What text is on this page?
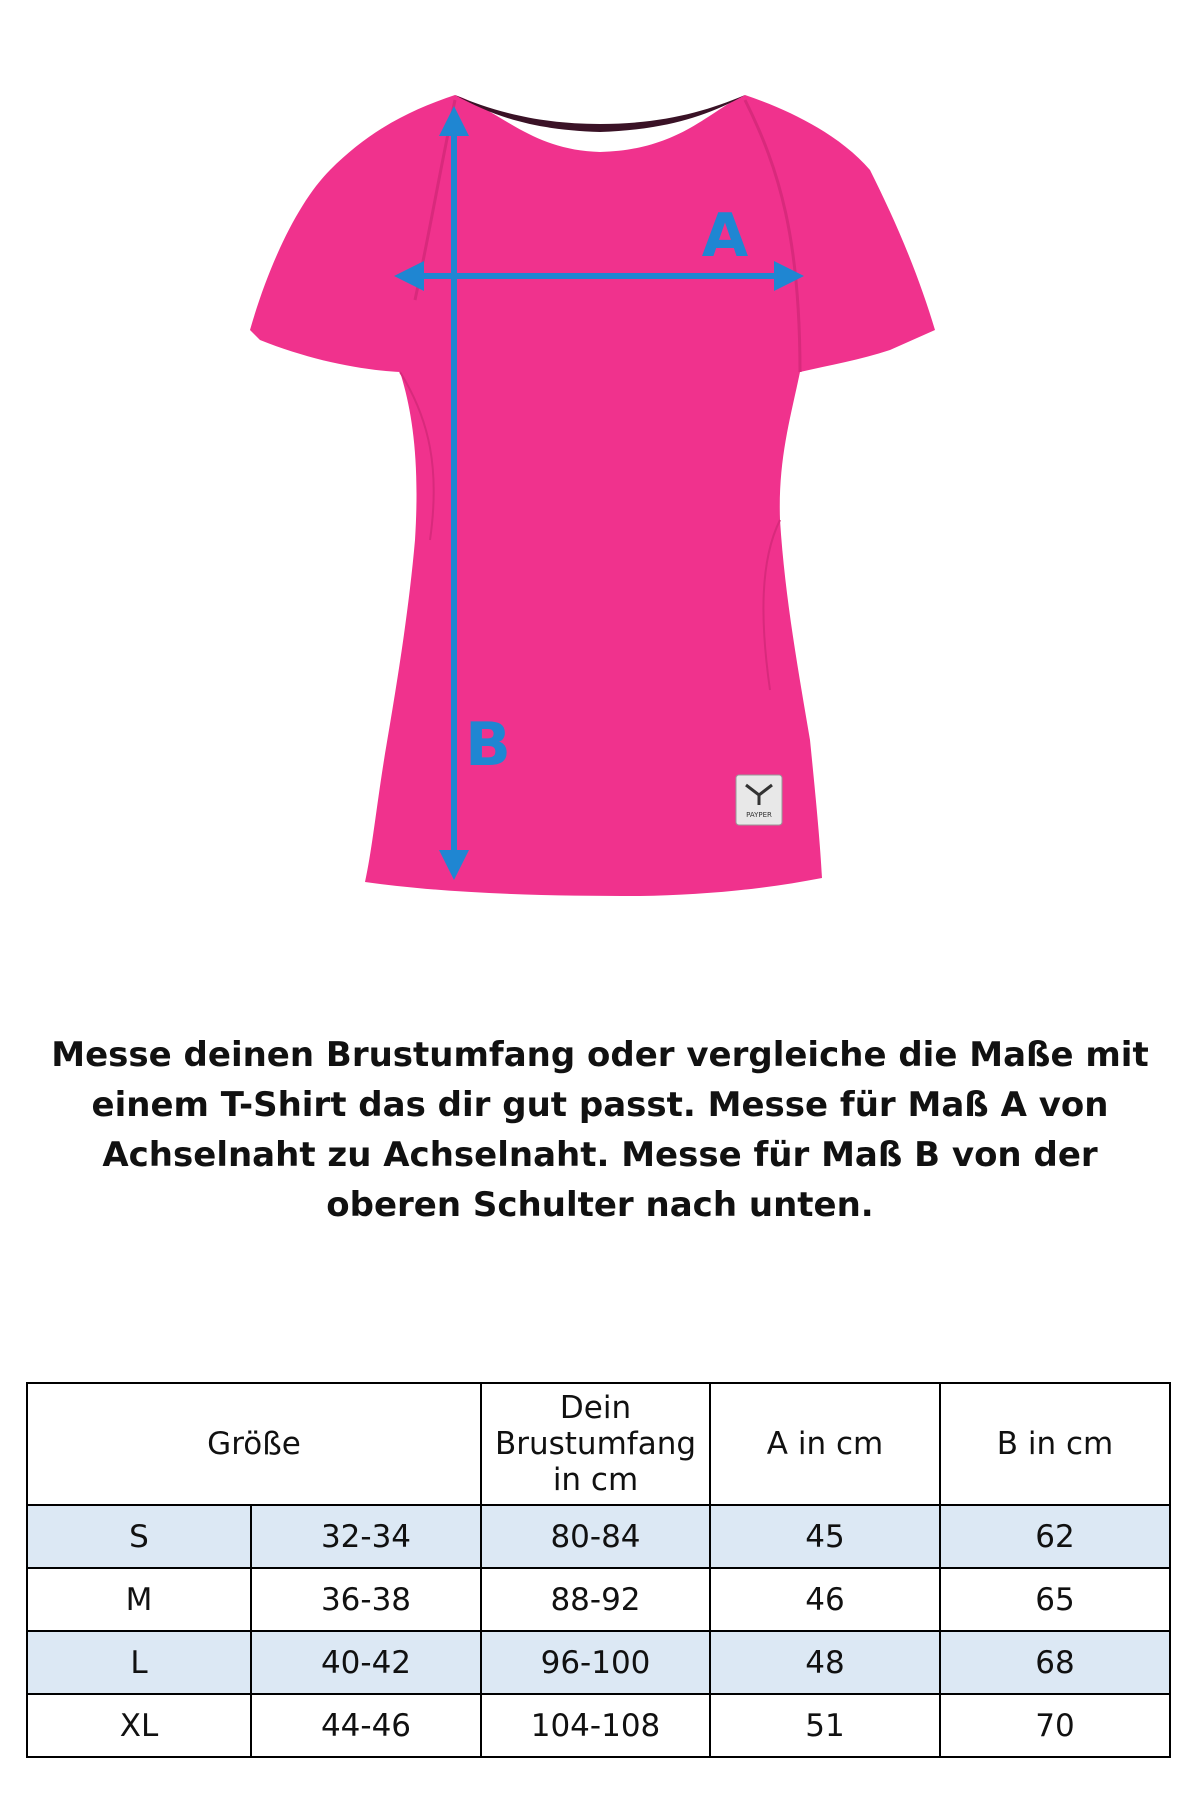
DRY-TECH
PAYPER
A
B
Messe deinen Brustumfang oder vergleiche die Maße mit einem T-Shirt das dir gut passt. Messe für Maß A von Achselnaht zu Achselnaht. Messe für Maß B von der oberen Schulter nach unten.
Größe		Dein Brustumfang in cm	A in cm	B in cm
S	32-34	80-84	45	62
M	36-38	88-92	46	65
L	40-42	96-100	48	68
XL	44-46	104-108	51	70
